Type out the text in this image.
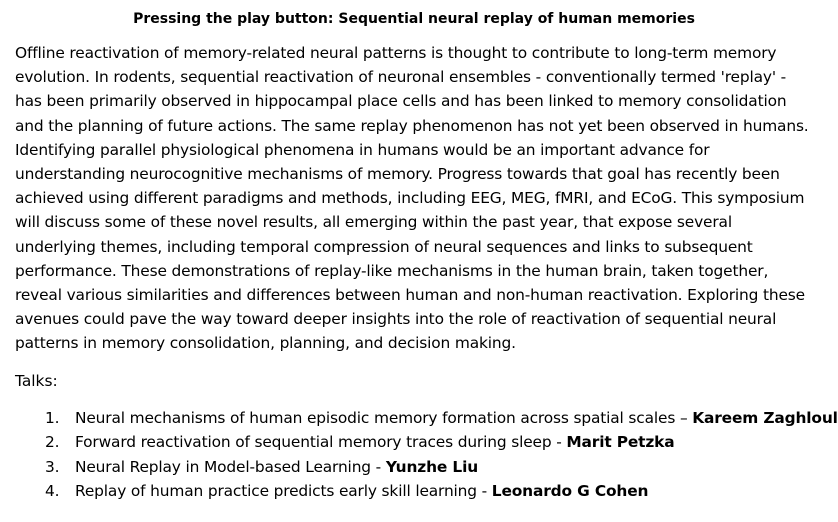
Pressing the play button: Sequential neural replay of human memories

Offline reactivation of memory-related neural patterns is thought to contribute to long-term memory evolution. In rodents, sequential reactivation of neuronal ensembles - conventionally termed 'replay' - has been primarily observed in hippocampal place cells and has been linked to memory consolidation and the planning of future actions. The same replay phenomenon has not yet been observed in humans. Identifying parallel physiological phenomena in humans would be an important advance for understanding neurocognitive mechanisms of memory. Progress towards that goal has recently been achieved using different paradigms and methods, including EEG, MEG, fMRI, and ECoG. This symposium will discuss some of these novel results, all emerging within the past year, that expose several underlying themes, including temporal compression of neural sequences and links to subsequent performance. These demonstrations of replay-like mechanisms in the human brain, taken together, reveal various similarities and differences between human and non-human reactivation. Exploring these avenues could pave the way toward deeper insights into the role of reactivation of sequential neural patterns in memory consolidation, planning, and decision making.

Talks:
1. Neural mechanisms of human episodic memory formation across spatial scales – Kareem Zaghloul
2. Forward reactivation of sequential memory traces during sleep - Marit Petzka
3. Neural Replay in Model-based Learning - Yunzhe Liu
4. Replay of human practice predicts early skill learning - Leonardo G Cohen
